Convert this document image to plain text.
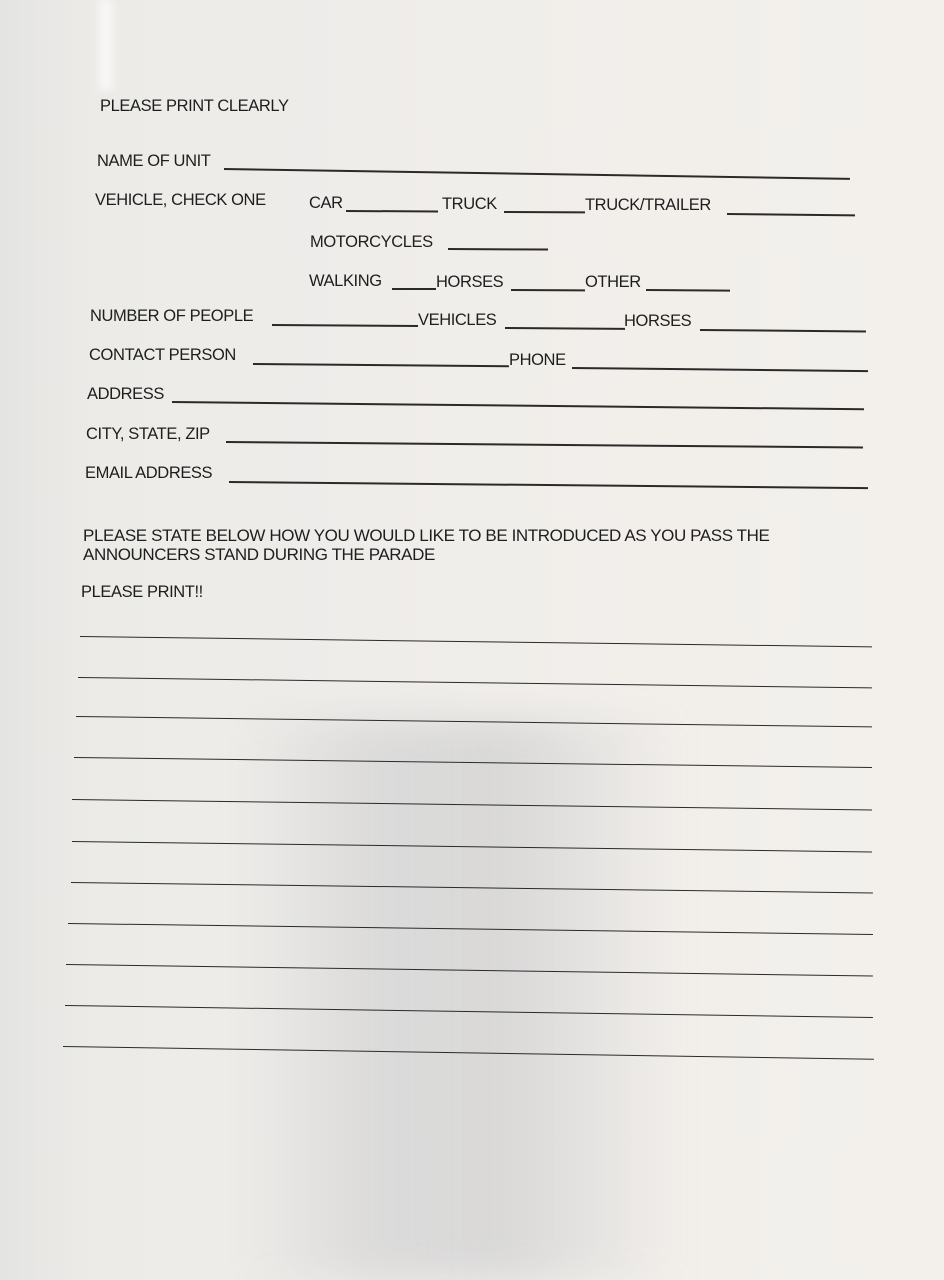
PLEASE PRINT CLEARLY
NAME OF UNIT
VEHICLE, CHECK ONE	CAR	TRUCK	TRUCK/TRAILER
MOTORCYCLES
WALKING	HORSES	OTHER
NUMBER OF PEOPLE	VEHICLES	HORSES
CONTACT PERSON	PHONE
ADDRESS
CITY, STATE, ZIP
EMAIL ADDRESS
PLEASE STATE BELOW HOW YOU WOULD LIKE TO BE INTRODUCED AS YOU PASS THE
ANNOUNCERS STAND DURING THE PARADE
PLEASE PRINT!!
